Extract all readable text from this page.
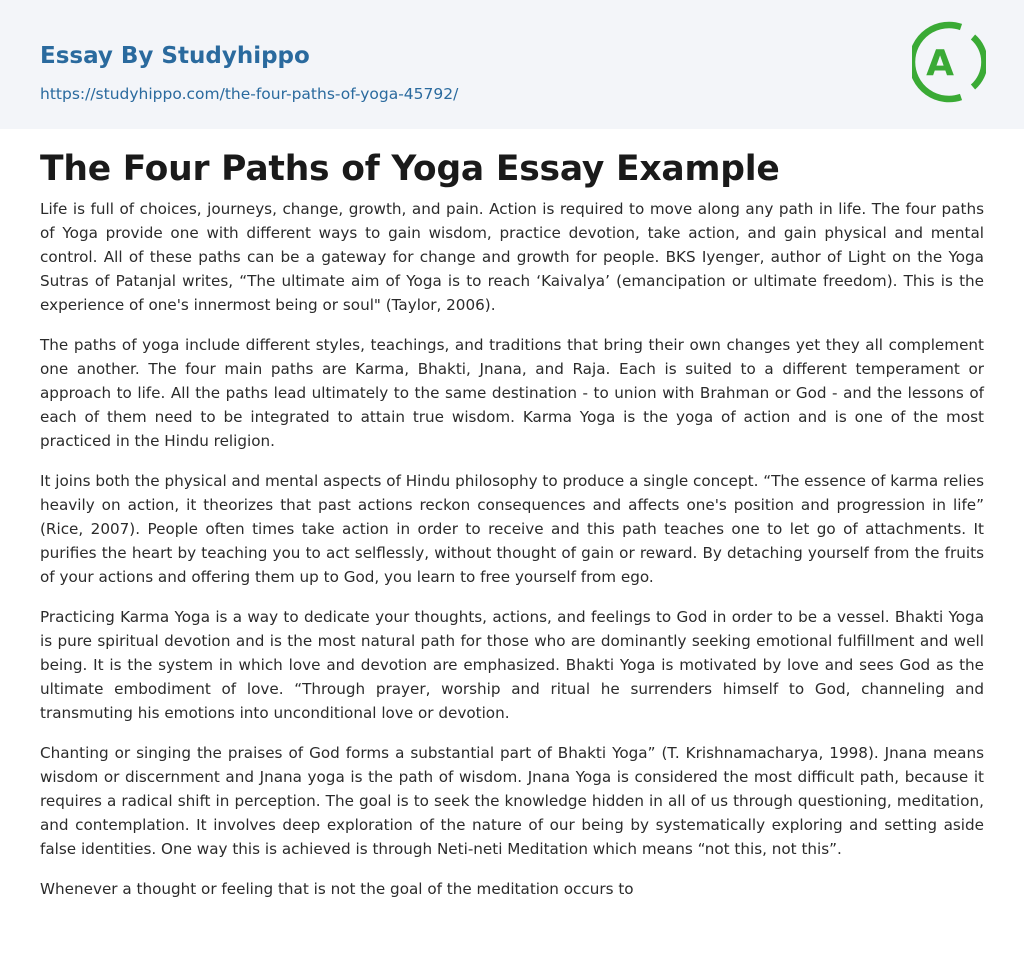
Essay By Studyhippo
https://studyhippo.com/the-four-paths-of-yoga-45792/
A
The Four Paths of Yoga Essay Example

Life is full of choices, journeys, change, growth, and pain. Action is required to move along any path in life. The four paths of Yoga provide one with different ways to gain wisdom, practice devotion, take action, and gain physical and mental control. All of these paths can be a gateway for change and growth for people. BKS Iyenger, author of Light on the Yoga Sutras of Patanjal writes, “The ultimate aim of Yoga is to reach ‘Kaivalya’ (emancipation or ultimate freedom). This is the experience of one's innermost being or soul" (Taylor, 2006).

The paths of yoga include different styles, teachings, and traditions that bring their own changes yet they all complement one another. The four main paths are Karma, Bhakti, Jnana, and Raja. Each is suited to a different temperament or approach to life. All the paths lead ultimately to the same destination - to union with Brahman or God - and the lessons of each of them need to be integrated to attain true wisdom. Karma Yoga is the yoga of action and is one of the most practiced in the Hindu religion.

It joins both the physical and mental aspects of Hindu philosophy to produce a single concept. “The essence of karma relies heavily on action, it theorizes that past actions reckon consequences and affects one's position and progression in life” (Rice, 2007). People often times take action in order to receive and this path teaches one to let go of attachments. It purifies the heart by teaching you to act selflessly, without thought of gain or reward. By detaching yourself from the fruits of your actions and offering them up to God, you learn to free yourself from ego.

Practicing Karma Yoga is a way to dedicate your thoughts, actions, and feelings to God in order to be a vessel. Bhakti Yoga is pure spiritual devotion and is the most natural path for those who are dominantly seeking emotional fulfillment and well being. It is the system in which love and devotion are emphasized. Bhakti Yoga is motivated by love and sees God as the ultimate embodiment of love. “Through prayer, worship and ritual he surrenders himself to God, channeling and transmuting his emotions into unconditional love or devotion.

Chanting or singing the praises of God forms a substantial part of Bhakti Yoga” (T. Krishnamacharya, 1998). Jnana means wisdom or discernment and Jnana yoga is the path of wisdom. Jnana Yoga is considered the most difficult path, because it requires a radical shift in perception. The goal is to seek the knowledge hidden in all of us through questioning, meditation, and contemplation. It involves deep exploration of the nature of our being by systematically exploring and setting aside false identities. One way this is achieved is through Neti-neti Meditation which means “not this, not this”.

Whenever a thought or feeling that is not the goal of the meditation occurs to
